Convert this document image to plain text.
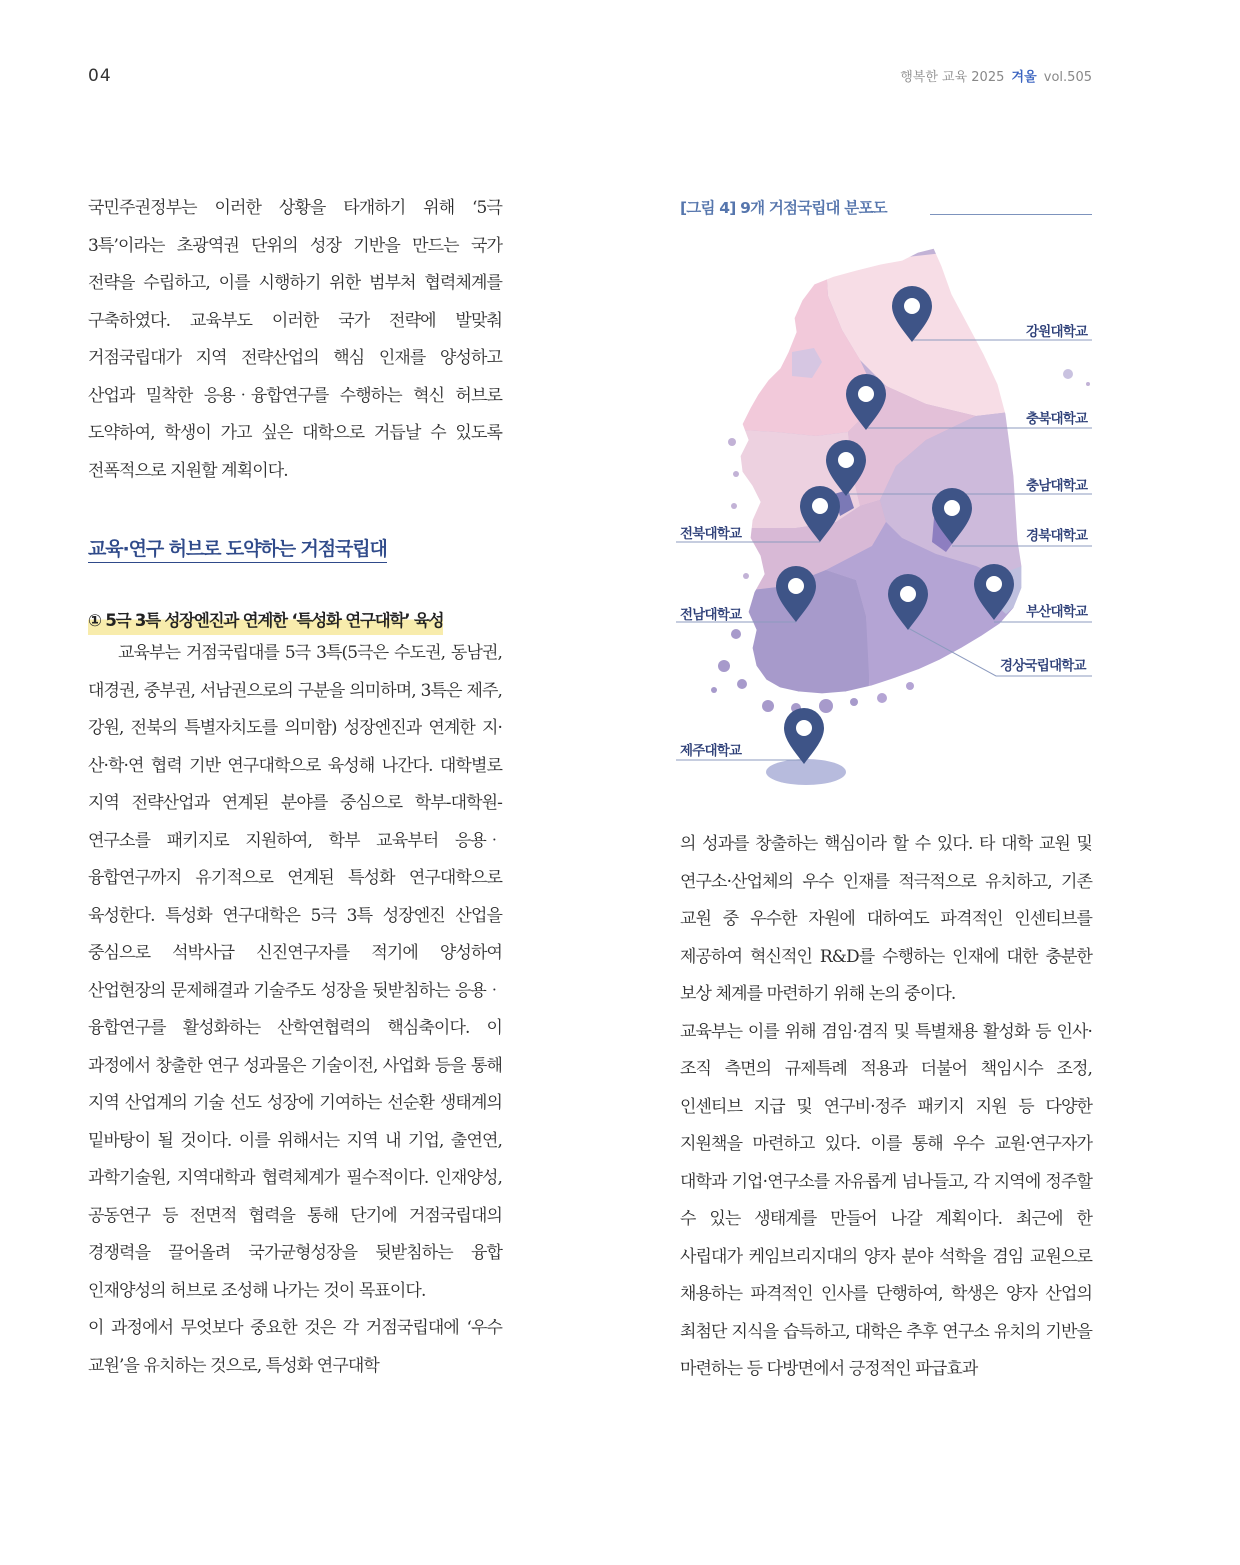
04	행복한 교육 2025 겨울 vol.505

국민주권정부는 이러한 상황을 타개하기 위해 ‘5극 3특’이라는 초광역권 단위의 성장 기반을 만드는 국가 전략을 수립하고, 이를 시행하기 위한 범부처 협력체계를 구축하였다. 교육부도 이러한 국가 전략에 발맞춰 거점국립대가 지역 전략산업의 핵심 인재를 양성하고 산업과 밀착한 응용‧융합연구를 수행하는 혁신 허브로 도약하여, 학생이 가고 싶은 대학으로 거듭날 수 있도록 전폭적으로 지원할 계획이다.

교육·연구 허브로 도약하는 거점국립대 ① 5극 3특 성장엔진과 연계한 ‘특성화 연구대학’ 육성

교육부는 거점국립대를 5극 3특(5극은 수도권, 동남권, 대경권, 중부권, 서남권으로의 구분을 의미하며, 3특은 제주, 강원, 전북의 특별자치도를 의미함) 성장엔진과 연계한 지·산·학·연 협력 기반 연구대학으로 육성해 나간다. 대학별로 지역 전략산업과 연계된 분야를 중심으로 학부-대학원-연구소를 패키지로 지원하여, 학부 교육부터 응용‧융합연구까지 유기적으로 연계된 특성화 연구대학으로 육성한다. 특성화 연구대학은 5극 3특 성장엔진 산업을 중심으로 석박사급 신진연구자를 적기에 양성하여 산업현장의 문제해결과 기술주도 성장을 뒷받침하는 응용‧융합연구를 활성화하는 산학연협력의 핵심축이다. 이 과정에서 창출한 연구 성과물은 기술이전, 사업화 등을 통해 지역 산업계의 기술 선도 성장에 기여하는 선순환 생태계의 밑바탕이 될 것이다. 이를 위해서는 지역 내 기업, 출연연, 과학기술원, 지역대학과 협력체계가 필수적이다. 인재양성, 공동연구 등 전면적 협력을 통해 단기에 거점국립대의 경쟁력을 끌어올려 국가균형성장을 뒷받침하는 융합 인재양성의 허브로 조성해 나가는 것이 목표이다.

이 과정에서 무엇보다 중요한 것은 각 거점국립대에 ‘우수 교원’을 유치하는 것으로, 특성화 연구대학

[그림 4] 9개 거점국립대 분포도
강원대학교
충북대학교
충남대학교
경북대학교
전북대학교
전남대학교	부산대학교
경상국립대학교
제주대학교

의 성과를 창출하는 핵심이라 할 수 있다. 타 대학 교원 및 연구소·산업체의 우수 인재를 적극적으로 유치하고, 기존 교원 중 우수한 자원에 대하여도 파격적인 인센티브를 제공하여 혁신적인 R&D를 수행하는 인재에 대한 충분한 보상 체계를 마련하기 위해 논의 중이다.

교육부는 이를 위해 겸임·겸직 및 특별채용 활성화 등 인사·조직 측면의 규제특례 적용과 더불어 책임시수 조정, 인센티브 지급 및 연구비·정주 패키지 지원 등 다양한 지원책을 마련하고 있다. 이를 통해 우수 교원·연구자가 대학과 기업·연구소를 자유롭게 넘나들고, 각 지역에 정주할 수 있는 생태계를 만들어 나갈 계획이다. 최근에 한 사립대가 케임브리지대의 양자 분야 석학을 겸임 교원으로 채용하는 파격적인 인사를 단행하여, 학생은 양자 산업의 최첨단 지식을 습득하고, 대학은 추후 연구소 유치의 기반을 마련하는 등 다방면에서 긍정적인 파급효과
